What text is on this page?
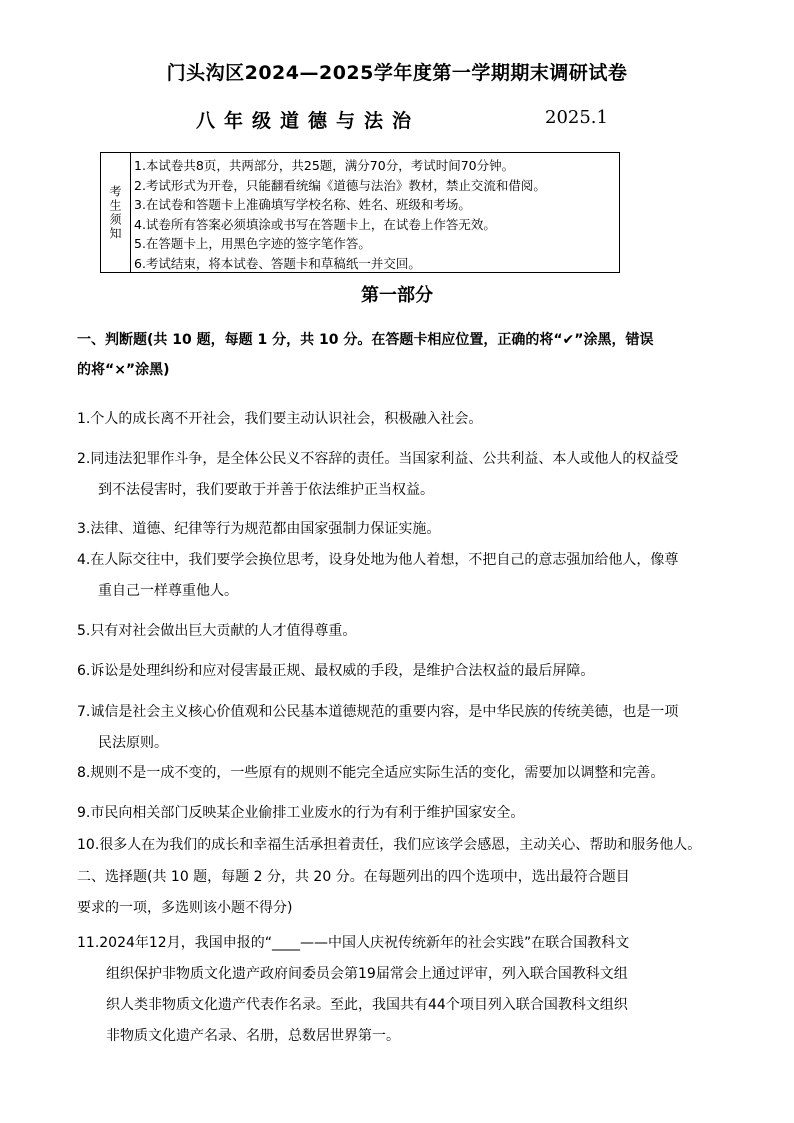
门头沟区2024—2025学年度第一学期期末调研试卷
八年级道德与法治	2025.1
考生须知
1.本试卷共8页，共两部分，共25题，满分70分，考试时间70分钟。
2.考试形式为开卷，只能翻看统编《道德与法治》教材，禁止交流和借阅。
3.在试卷和答题卡上准确填写学校名称、姓名、班级和考场。
4.试卷所有答案必须填涂或书写在答题卡上，在试卷上作答无效。
5.在答题卡上，用黑色字迹的签字笔作答。
6.考试结束，将本试卷、答题卡和草稿纸一并交回。
第一部分
一、判断题(共 10 题，每题 1 分，共 10 分。在答题卡相应位置，正确的将“✔”涂黑，错误
的将“×”涂黑)
1.个人的成长离不开社会，我们要主动认识社会，积极融入社会。
2.同违法犯罪作斗争，是全体公民义不容辞的责任。当国家利益、公共利益、本人或他人的权益受
到不法侵害时，我们要敢于并善于依法维护正当权益。
3.法律、道德、纪律等行为规范都由国家强制力保证实施。
4.在人际交往中，我们要学会换位思考，设身处地为他人着想，不把自己的意志强加给他人，像尊
重自己一样尊重他人。
5.只有对社会做出巨大贡献的人才值得尊重。
6.诉讼是处理纠纷和应对侵害最正规、最权威的手段，是维护合法权益的最后屏障。
7.诚信是社会主义核心价值观和公民基本道德规范的重要内容，是中华民族的传统美德，也是一项
民法原则。
8.规则不是一成不变的，一些原有的规则不能完全适应实际生活的变化，需要加以调整和完善。
9.市民向相关部门反映某企业偷排工业废水的行为有利于维护国家安全。
10.很多人在为我们的成长和幸福生活承担着责任，我们应该学会感恩，主动关心、帮助和服务他人。
二、选择题(共 10 题，每题 2 分，共 20 分。在每题列出的四个选项中，选出最符合题目
要求的一项，多选则该小题不得分)
11.2024年12月，我国申报的“____——中国人庆祝传统新年的社会实践”在联合国教科文
组织保护非物质文化遗产政府间委员会第19届常会上通过评审，列入联合国教科文组
织人类非物质文化遗产代表作名录。至此，我国共有44个项目列入联合国教科文组织
非物质文化遗产名录、名册，总数居世界第一。
